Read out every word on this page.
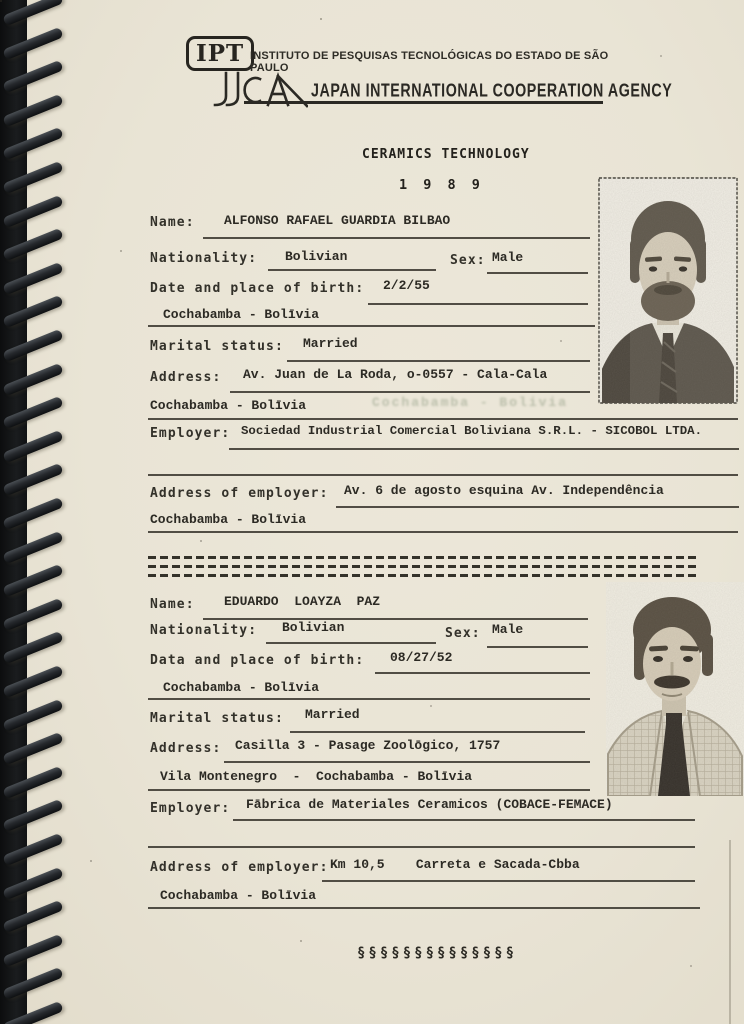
IPT INSTITUTO DE PESQUISAS TECNOLÓGICAS DO ESTADO DE SÃO PAULO
JAPAN INTERNATIONAL COOPERATION AGENCY
CERAMICS TECHNOLOGY
1 9 8 9
Name: ALFONSO RAFAEL GUARDIA BILBAO
Nationality: Bolivian	Sex: Male
Date and place of birth: 2/2/55
Cochabamba - Bolīvia
Marital status: Married
Address: Av. Juan de La Roda, o-0557 - Cala-Cala
Cochabamba - Bolīvia	Cochabamba - Bolivia
Employer: Sociedad Industrial Comercial Boliviana S.R.L. - SICOBOL LTDA.
Address of employer: Av. 6 de agosto esquina Av. Independência
Cochabamba - Bolīvia
Name: EDUARDO  LOAYZA  PAZ
Nationality: Bolivian	Sex: Male
Data and place of birth: 08/27/52
Cochabamba - Bolīvia
Marital status: Married
Address: Casilla 3 - Pasage Zoolōgico, 1757
Vila Montenegro  -  Cochabamba - Bolīvia
Employer: Fābrica de Materiales Ceramicos (COBACE-FEMACE)
Address of employer: Km 10,5    Carreta e Sacada-Cbba
Cochabamba - Bolīvia
§§§§§§§§§§§§§§
